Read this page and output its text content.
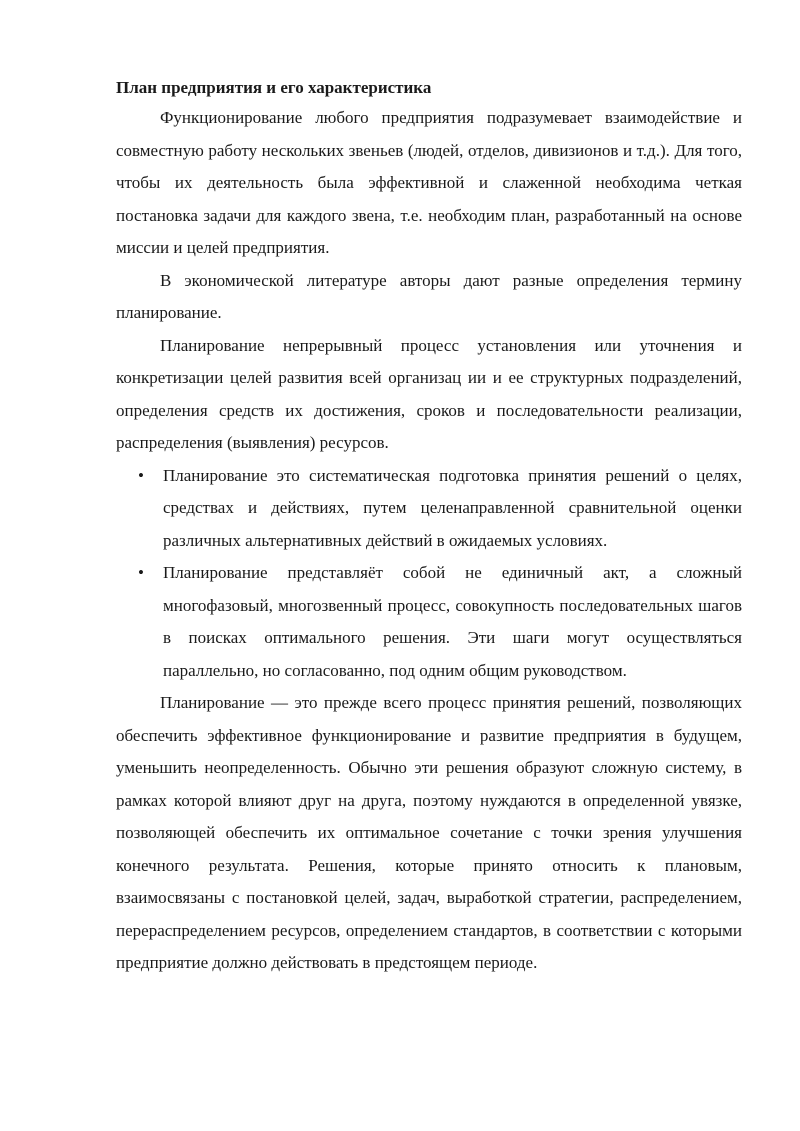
План предприятия и его характеристика

Функционирование любого предприятия подразумевает взаимодействие и совместную работу нескольких звеньев (людей, отделов, дивизионов и т.д.). Для того, чтобы их деятельность была эффективной и слаженной необходима четкая постановка задачи для каждого звена, т.е. необходим план, разработанный на основе миссии и целей предприятия.

В экономической литературе авторы дают разные определения термину планирование.

Планирование непрерывный процесс установления или уточнения и конкретизации целей развития всей организац ии и ее структурных подразделений, определения средств их достижения, сроков и последовательности реализации, распределения (выявления) ресурсов.

• Планирование это систематическая подготовка принятия решений о целях, средствах и действиях, путем целенаправленной сравнительной оценки различных альтернативных действий в ожидаемых условиях.
• Планирование представляёт собой не единичный акт, а сложный многофазовый, многозвенный процесс, совокупность последовательных шагов в поисках оптимального решения. Эти шаги могут осуществляться параллельно, но согласованно, под одним общим руководством.

Планирование — это прежде всего процесс принятия решений, позволяющих обеспечить эффективное функционирование и развитие предприятия в будущем, уменьшить неопределенность. Обычно эти решения образуют сложную систему, в рамках которой влияют друг на друга, поэтому нуждаются в определенной увязке, позволяющей обеспечить их оптимальное сочетание с точки зрения улучшения конечного результата. Решения, которые принято относить к плановым, взаимосвязаны с постановкой целей, задач, выработкой стратегии, распределением, перераспределением ресурсов, определением стандартов, в соответствии с которыми предприятие должно действовать в предстоящем периоде.
